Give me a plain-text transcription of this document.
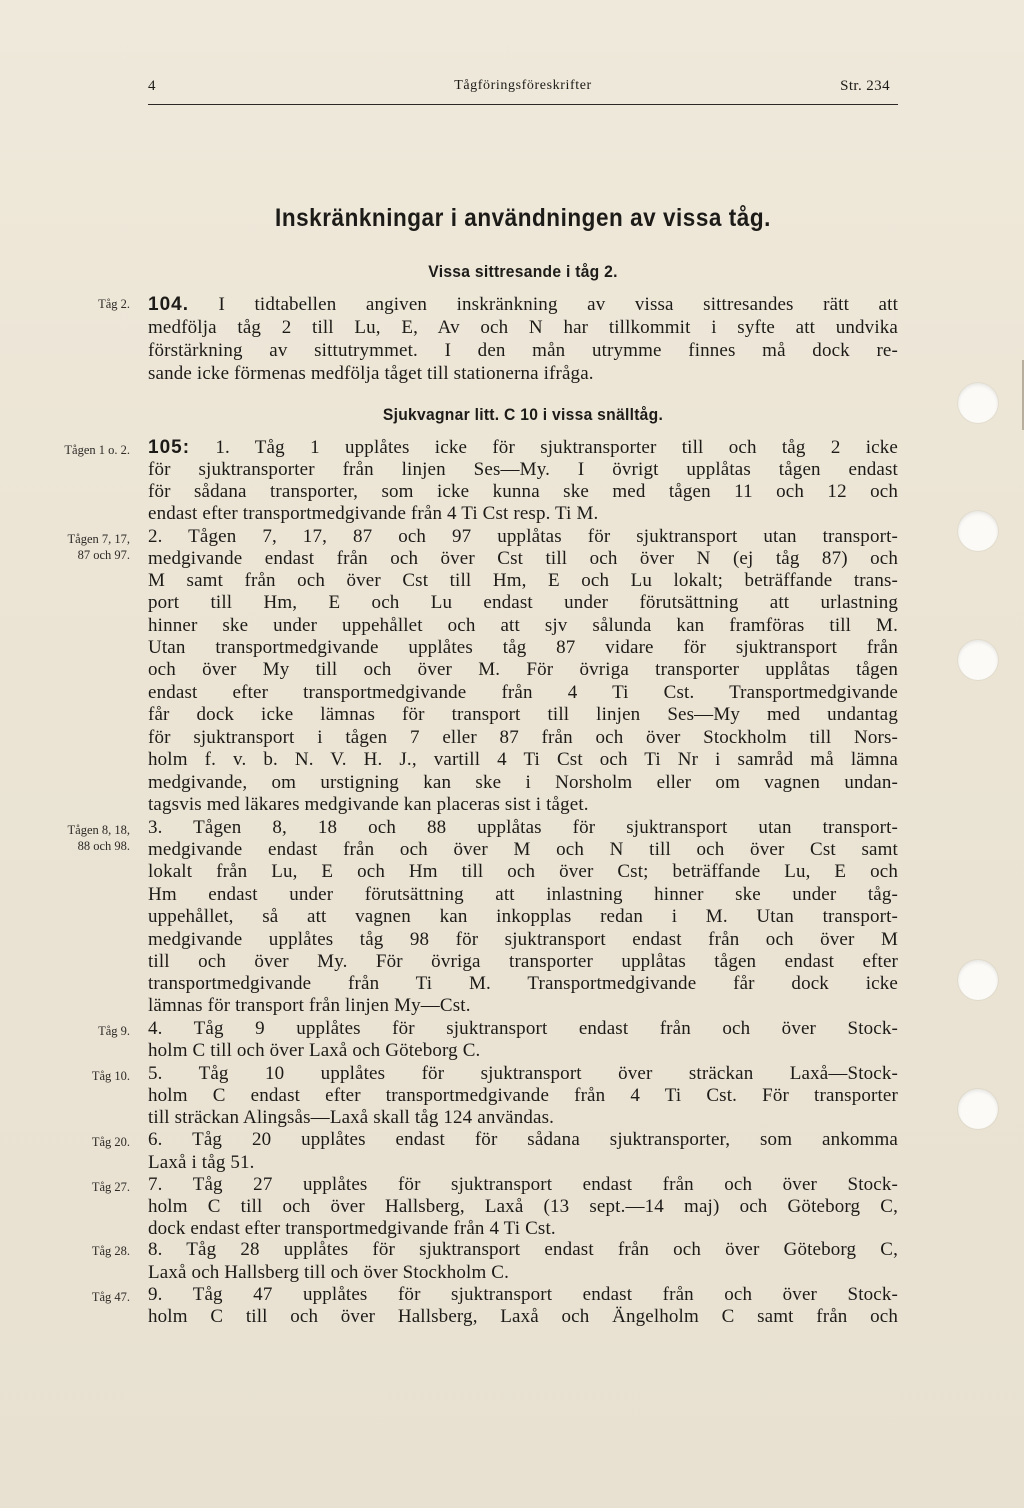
4	Tågföringsföreskrifter	Str. 234
Inskränkningar i användningen av vissa tåg.
Vissa sittresande i tåg 2.
Tåg 2. 104. I tidtabellen angiven inskränkning av vissa sittresandes rätt att
medfölja tåg 2 till Lu, E, Av och N har tillkommit i syfte att undvika
förstärkning av sittutrymmet. I den mån utrymme finnes må dock re-
sande icke förmenas medfölja tåget till stationerna ifråga.
Sjukvagnar litt. C 10 i vissa snälltåg.
Tågen 1 o. 2.
Tågen 7, 17,
87 och 97.
Tågen 8, 18,
88 och 98.
Tåg 9.
Tåg 10.
Tåg 20.
Tåg 27.
Tåg 28.
Tåg 47.
105: 1. Tåg 1 upplåtes icke för sjuktransporter till och tåg 2 icke
för sjuktransporter från linjen Ses—My. I övrigt upplåtas tågen endast
för sådana transporter, som icke kunna ske med tågen 11 och 12 och
endast efter transportmedgivande från 4 Ti Cst resp. Ti M.
2. Tågen 7, 17, 87 och 97 upplåtas för sjuktransport utan transport-
medgivande endast från och över Cst till och över N (ej tåg 87) och
M samt från och över Cst till Hm, E och Lu lokalt; beträffande trans-
port till Hm, E och Lu endast under förutsättning att urlastning
hinner ske under uppehållet och att sjv sålunda kan framföras till M.
Utan transportmedgivande upplåtes tåg 87 vidare för sjuktransport från
och över My till och över M. För övriga transporter upplåtas tågen
endast efter transportmedgivande från 4 Ti Cst. Transportmedgivande
får dock icke lämnas för transport till linjen Ses—My med undantag
för sjuktransport i tågen 7 eller 87 från och över Stockholm till Nors-
holm f. v. b. N. V. H. J., vartill 4 Ti Cst och Ti Nr i samråd må lämna
medgivande, om urstigning kan ske i Norsholm eller om vagnen undan-
tagsvis med läkares medgivande kan placeras sist i tåget.
3. Tågen 8, 18 och 88 upplåtas för sjuktransport utan transport-
medgivande endast från och över M och N till och över Cst samt
lokalt från Lu, E och Hm till och över Cst; beträffande Lu, E och
Hm endast under förutsättning att inlastning hinner ske under tåg-
uppehållet, så att vagnen kan inkopplas redan i M. Utan transport-
medgivande upplåtes tåg 98 för sjuktransport endast från och över M
till och över My. För övriga transporter upplåtas tågen endast efter
transportmedgivande från Ti M. Transportmedgivande får dock icke
lämnas för transport från linjen My—Cst.
4. Tåg 9 upplåtes för sjuktransport endast från och över Stock-
holm C till och över Laxå och Göteborg C.
5. Tåg 10 upplåtes för sjuktransport över sträckan Laxå—Stock-
holm C endast efter transportmedgivande från 4 Ti Cst. För transporter
till sträckan Alingsås—Laxå skall tåg 124 användas.
6. Tåg 20 upplåtes endast för sådana sjuktransporter, som ankomma
Laxå i tåg 51.
7. Tåg 27 upplåtes för sjuktransport endast från och över Stock-
holm C till och över Hallsberg, Laxå (13 sept.—14 maj) och Göteborg C,
dock endast efter transportmedgivande från 4 Ti Cst.
8. Tåg 28 upplåtes för sjuktransport endast från och över Göteborg C,
Laxå och Hallsberg till och över Stockholm C.
9. Tåg 47 upplåtes för sjuktransport endast från och över Stock-
holm C till och över Hallsberg, Laxå och Ängelholm C samt från och
